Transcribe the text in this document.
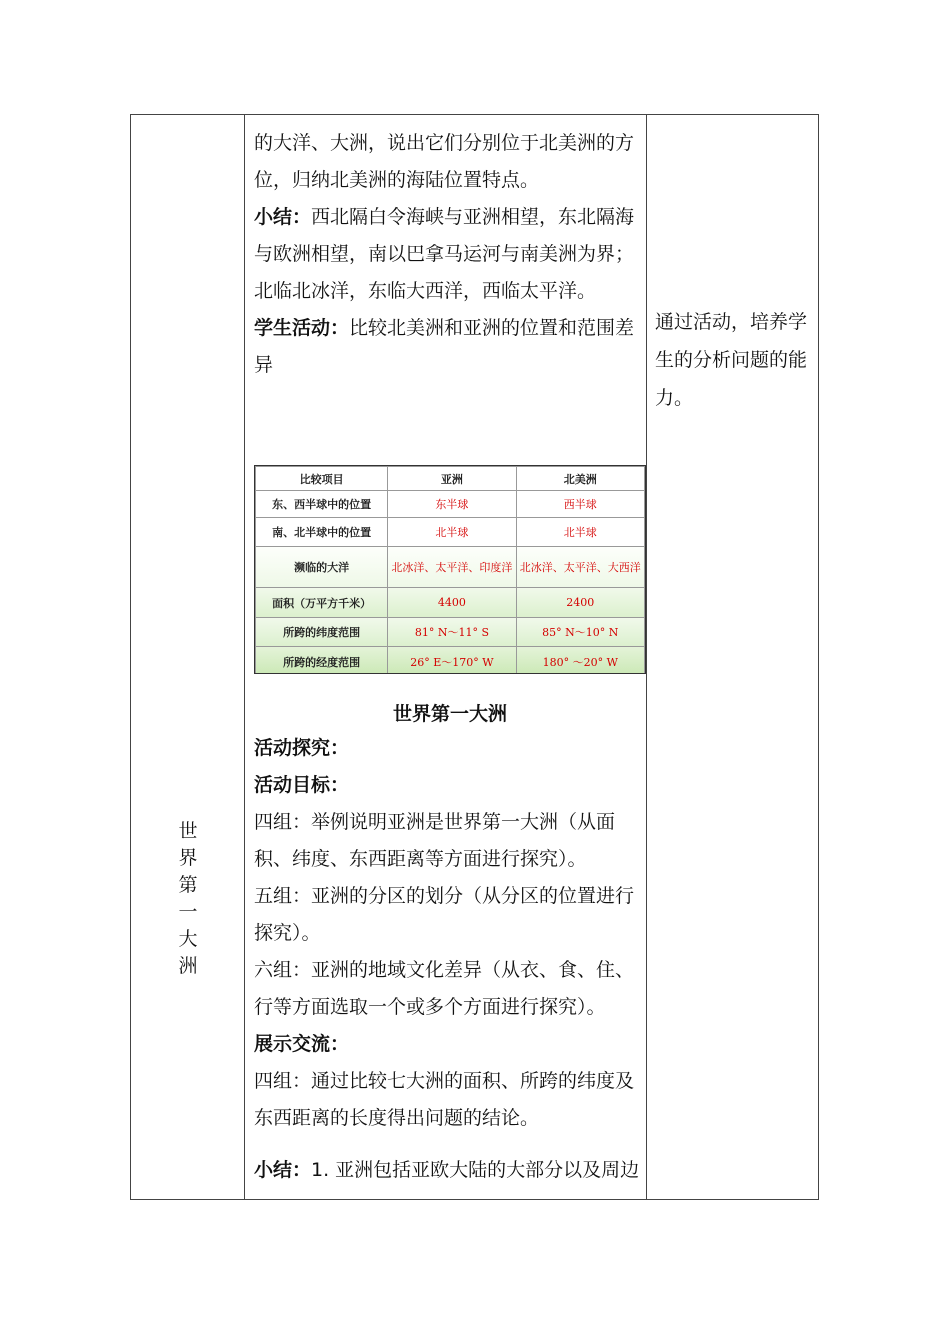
世
界
第
一
大
洲
的大洋、大洲，说出它们分别位于北美洲的方
位，归纳北美洲的海陆位置特点。
小结：西北隔白令海峡与亚洲相望，东北隔海
与欧洲相望，南以巴拿马运河与南美洲为界；
北临北冰洋，东临大西洋，西临太平洋。
学生活动：比较北美洲和亚洲的位置和范围差
异
比较项目	亚洲	北美洲
东、西半球中的位置	东半球	西半球
南、北半球中的位置	北半球	北半球
濒临的大洋	北冰洋、太平洋、印度洋	北冰洋、太平洋、大西洋
面积（万平方千米）	4400	2400
所跨的纬度范围	81° N～11° S	85° N～10° N
所跨的经度范围	26° E～170° W	180° ～20° W
世界第一大洲
活动探究：
活动目标：
四组：举例说明亚洲是世界第一大洲（从面
积、纬度、东西距离等方面进行探究）。
五组：亚洲的分区的划分（从分区的位置进行
探究）。
六组：亚洲的地域文化差异（从衣、食、住、
行等方面选取一个或多个方面进行探究）。
展示交流：
四组：通过比较七大洲的面积、所跨的纬度及
东西距离的长度得出问题的结论。
小结：1. 亚洲包括亚欧大陆的大部分以及周边
通过活动，培养学
生的分析问题的能
力。
